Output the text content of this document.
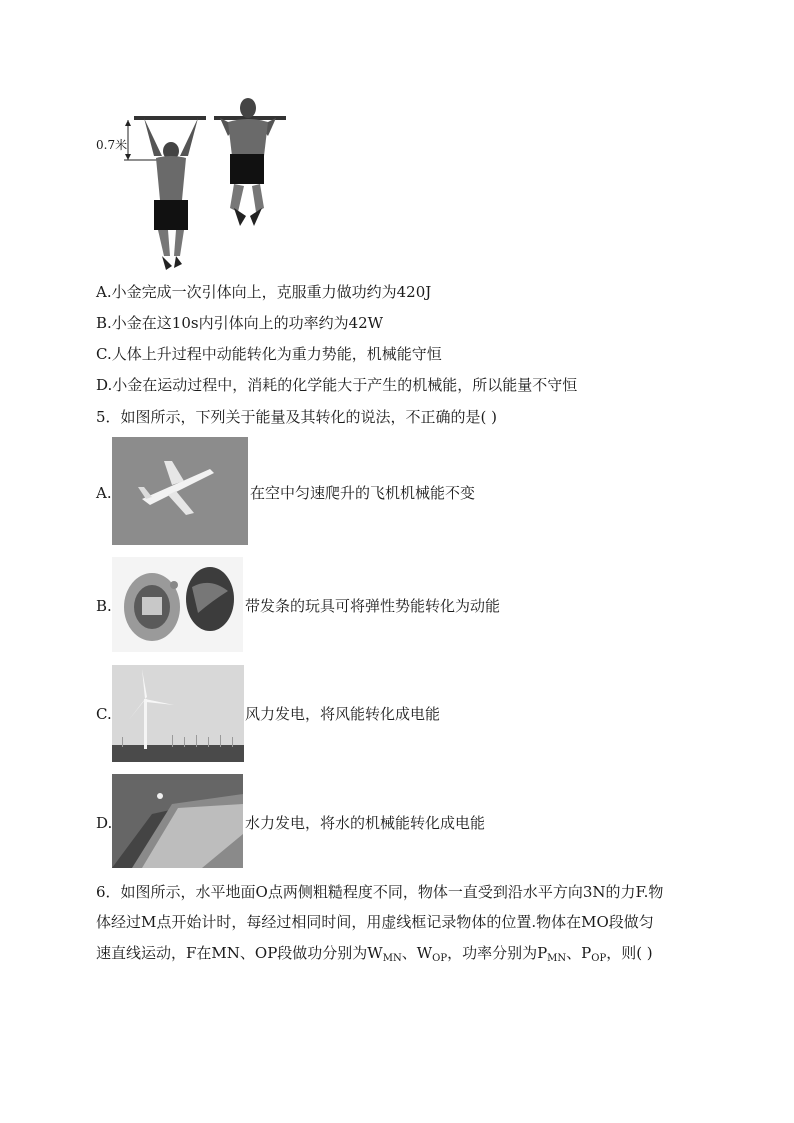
0.7米
A.小金完成一次引体向上，克服重力做功约为420J
B.小金在这10s内引体向上的功率约为42W
C.人体上升过程中动能转化为重力势能，机械能守恒
D.小金在运动过程中，消耗的化学能大于产生的机械能，所以能量不守恒
5．如图所示，下列关于能量及其转化的说法，不正确的是( )
A.	在空中匀速爬升的飞机机械能不变
B.	带发条的玩具可将弹性势能转化为动能
C.	风力发电，将风能转化成电能
D.	水力发电，将水的机械能转化成电能
6．如图所示，水平地面O点两侧粗糙程度不同，物体一直受到沿水平方向3N的力F.物
体经过M点开始计时，每经过相同时间，用虚线框记录物体的位置.物体在MO段做匀
速直线运动，F在MN、OP段做功分别为$W_{MN}$、$W_{OP}$，功率分别为$P_{MN}$、$P_{OP}$，则( )
